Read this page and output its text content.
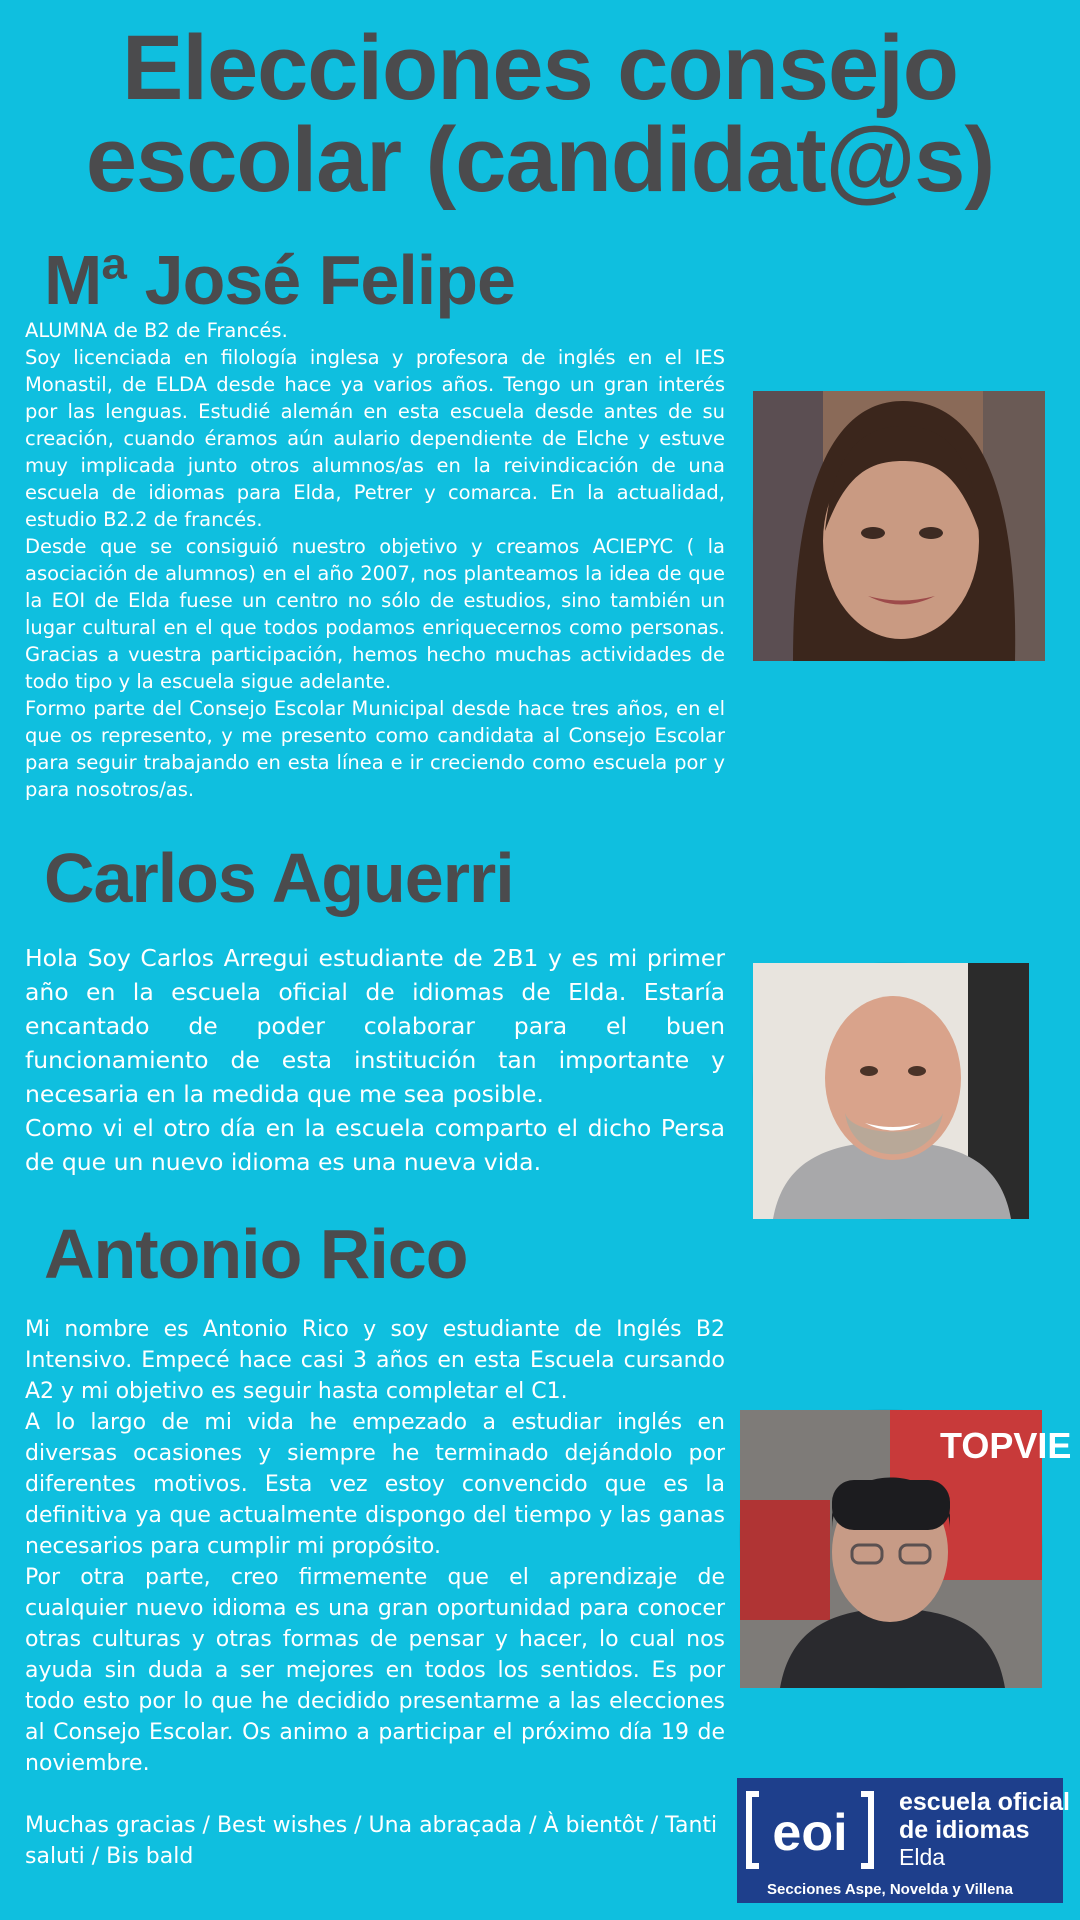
Elecciones consejo
escolar (candidat@s)
Mª José Felipe

ALUMNA de B2 de Francés.

Soy licenciada en filología inglesa y profesora de inglés en el IES Monastil, de ELDA desde hace ya varios años. Tengo un gran interés por las lenguas. Estudié alemán en esta escuela desde antes de su creación, cuando éramos aún aulario dependiente de Elche y estuve muy implicada junto otros alumnos/as en la reivindicación de una escuela de idiomas para Elda, Petrer y comarca. En la actualidad, estudio B2.2 de francés.

Desde que se consiguió nuestro objetivo y creamos ACIEPYC ( la asociación de alumnos) en el año 2007, nos planteamos la idea de que la EOI de Elda fuese un centro no sólo de estudios, sino también un lugar cultural en el que todos podamos enriquecernos como personas. Gracias a vuestra participación, hemos hecho muchas actividades de todo tipo y la escuela sigue adelante.

Formo parte del Consejo Escolar Municipal desde hace tres años, en el que os represento, y me presento como candidata al Consejo Escolar para seguir trabajando en esta línea e ir creciendo como escuela por y para nosotros/as.

Carlos Aguerri

Hola Soy Carlos Arregui estudiante de 2B1 y es mi primer año en la escuela oficial de idiomas de Elda. Estaría encantado de poder colaborar para el buen funcionamiento de esta institución tan importante y necesaria en la medida que me sea posible.

Como vi el otro día en la escuela comparto el dicho Persa de que un nuevo idioma es una nueva vida.

Antonio Rico

Mi nombre es Antonio Rico y soy estudiante de Inglés B2 Intensivo. Empecé hace casi 3 años en esta Escuela cursando A2 y mi objetivo es seguir hasta completar el C1.

A lo largo de mi vida he empezado a estudiar inglés en diversas ocasiones y siempre he terminado dejándolo por diferentes motivos. Esta vez estoy convencido que es la definitiva ya que actualmente dispongo del tiempo y las ganas necesarios para cumplir mi propósito.

Por otra parte, creo firmemente que el aprendizaje de cualquier nuevo idioma es una gran oportunidad para conocer otras culturas y otras formas de pensar y hacer, lo cual nos ayuda sin duda a ser mejores en todos los sentidos. Es por todo esto por lo que he decidido presentarme a las elecciones al Consejo Escolar. Os animo a participar el próximo día 19 de noviembre.

Muchas gracias / Best wishes / Una abraçada / À bientôt / Tanti saluti / Bis bald

TOPVIE
eoi
escuela oficial
de idiomas
Elda
Secciones Aspe, Novelda y Villena
